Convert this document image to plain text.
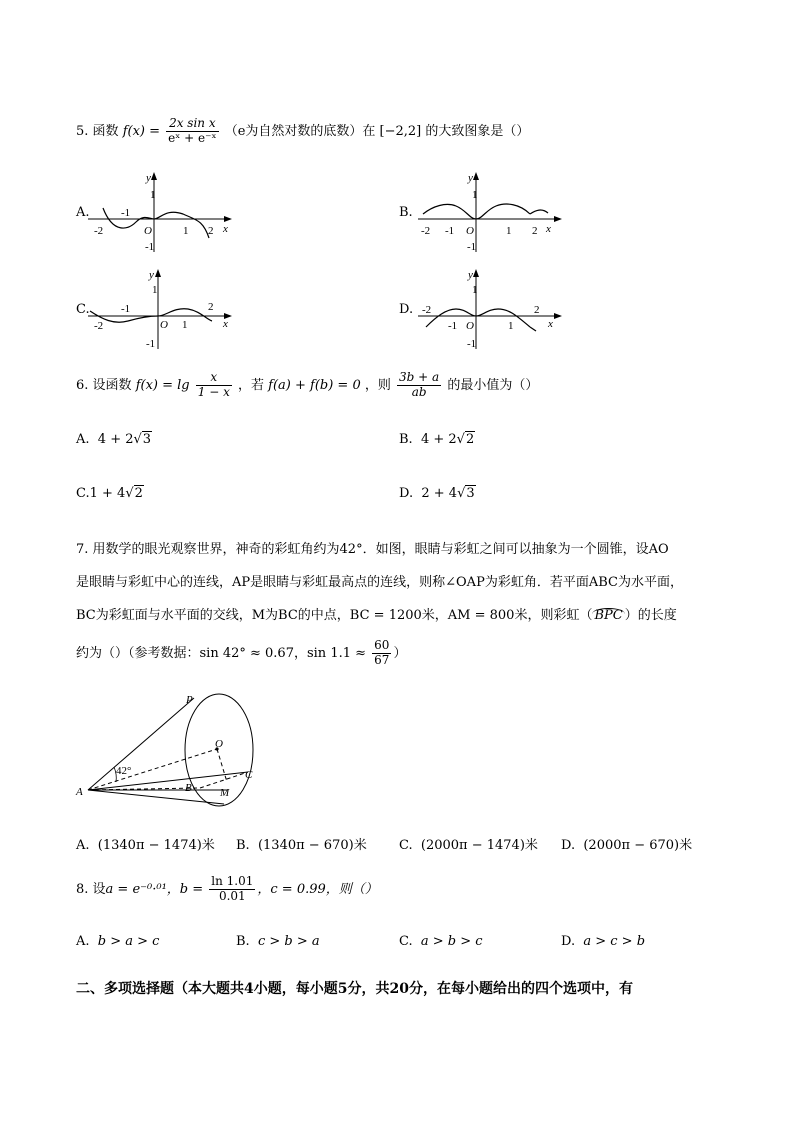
5. 函数 $f(x) = \frac{\text{2x sin x}}{\text{eˣ + e⁻ˣ}} (e$为自然对数的底数）在 [−2,2] 的大致图象是（）
A.	B.
C.	D.
-2
-1
O	1 2 x
y
1
-1
-2 -1 O	1 2 x
y
1
-1
-2
-1
O 1
2
x
y
1
-1
-2
-1 O	1
2
x
y
1
-1
6. 设函数 $f(x) = \lg \frac{x}{1 - x}$ ，若 f(a) + f(b) = 0 ，则 $\frac{3b + a}{ab}$ 的最小值为（）
A. 4 + 2√3	B. 4 + 2√2
C.1 + 4√2	D. 2 + 4√3
7. 用数学的眼光观察世界，神奇的彩虹角约为42°．如图，眼睛与彩虹之间可以抽象为一个圆锥，设AO
是眼睛与彩虹中心的连线，AP是眼睛与彩虹最高点的连线，则称∠OAP为彩虹角．若平面ABC为水平面，
BC为彩虹面与水平面的交线，M为BC的中点，BC = 1200米，AM = 800米，则彩虹（ BPC ）的长度
约为（）（参考数据：sin 42° ≈ 0.67，$\sin 1.1 \approx \frac{60}{67}$ ）
P
O
C
A	B	M
42°
A. (1340π − 1474)米 B. (1340π − 670)米 C. (2000π − 1474)米 D. (2000π − 670)米
8. 设a = e⁻⁰·⁰¹，$b = \frac{\ln 1.01}{0.01}$ ，c = 0.99，则（）
A. b > a > c	B. c > b > a	C. a > b > c	D. a > c > b
二、多项选择题（本大题共4小题，每小题5分，共20分，在每小题给出的四个选项中，有
